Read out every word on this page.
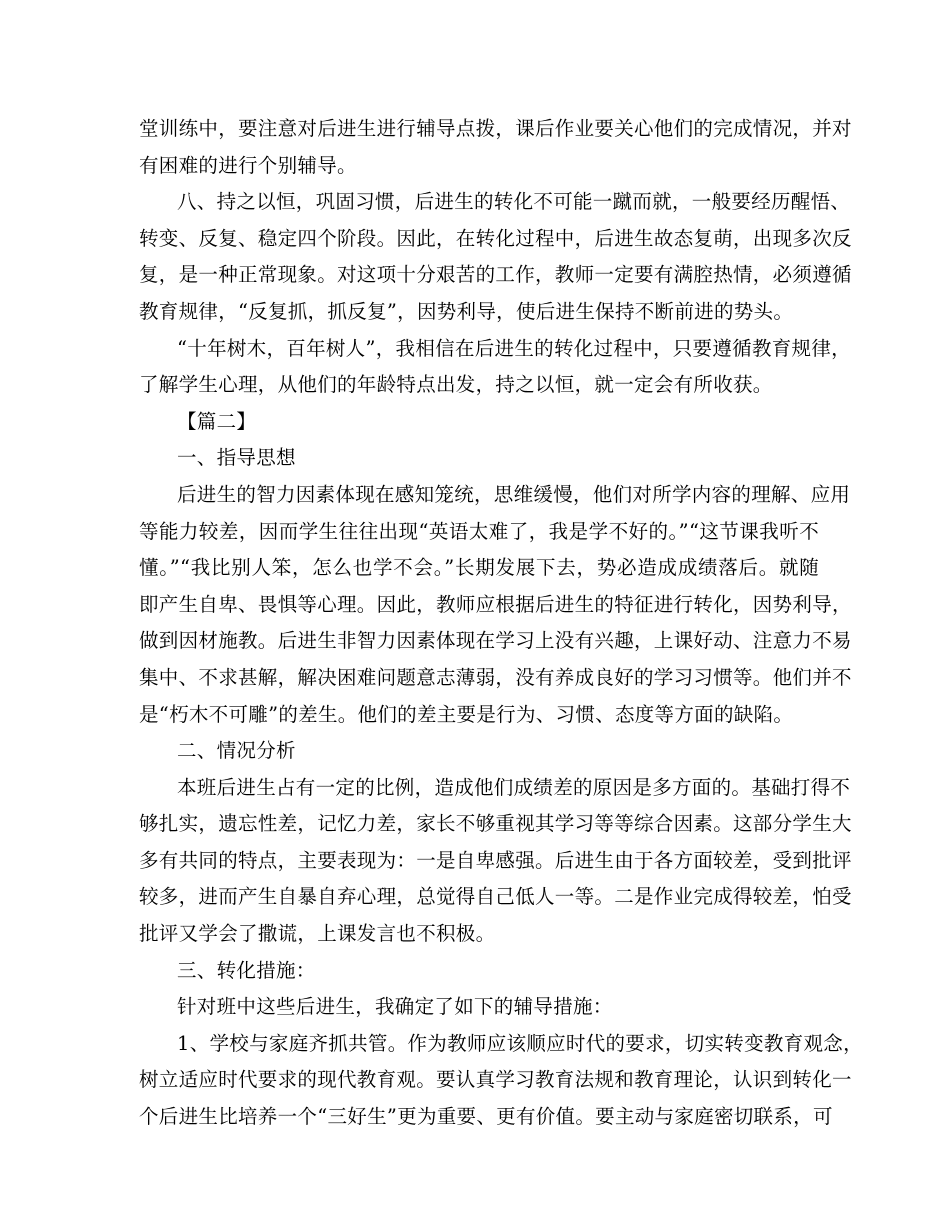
堂训练中，要注意对后进生进行辅导点拨，课后作业要关心他们的完成情况，并对
有困难的进行个别辅导。
八、持之以恒，巩固习惯，后进生的转化不可能一蹴而就，一般要经历醒悟、
转变、反复、稳定四个阶段。因此，在转化过程中，后进生故态复萌，出现多次反
复，是一种正常现象。对这项十分艰苦的工作，教师一定要有满腔热情，必须遵循
教育规律，“反复抓，抓反复”，因势利导，使后进生保持不断前进的势头。
“十年树木，百年树人”，我相信在后进生的转化过程中，只要遵循教育规律，
了解学生心理，从他们的年龄特点出发，持之以恒，就一定会有所收获。
【篇二】
一、指导思想
后进生的智力因素体现在感知笼统，思维缓慢，他们对所学内容的理解、应用
等能力较差，因而学生往往出现“英语太难了，我是学不好的。”“这节课我听不
懂。”“我比别人笨，怎么也学不会。”长期发展下去，势必造成成绩落后。就随
即产生自卑、畏惧等心理。因此，教师应根据后进生的特征进行转化，因势利导，
做到因材施教。后进生非智力因素体现在学习上没有兴趣，上课好动、注意力不易
集中、不求甚解，解决困难问题意志薄弱，没有养成良好的学习习惯等。他们并不
是“朽木不可雕”的差生。他们的差主要是行为、习惯、态度等方面的缺陷。
二、情况分析
本班后进生占有一定的比例，造成他们成绩差的原因是多方面的。基础打得不
够扎实，遗忘性差，记忆力差，家长不够重视其学习等等综合因素。这部分学生大
多有共同的特点，主要表现为：一是自卑感强。后进生由于各方面较差，受到批评
较多，进而产生自暴自弃心理，总觉得自己低人一等。二是作业完成得较差，怕受
批评又学会了撒谎，上课发言也不积极。
三、转化措施：
针对班中这些后进生，我确定了如下的辅导措施：
1、学校与家庭齐抓共管。作为教师应该顺应时代的要求，切实转变教育观念，
树立适应时代要求的现代教育观。要认真学习教育法规和教育理论，认识到转化一
个后进生比培养一个“三好生”更为重要、更有价值。要主动与家庭密切联系，可
